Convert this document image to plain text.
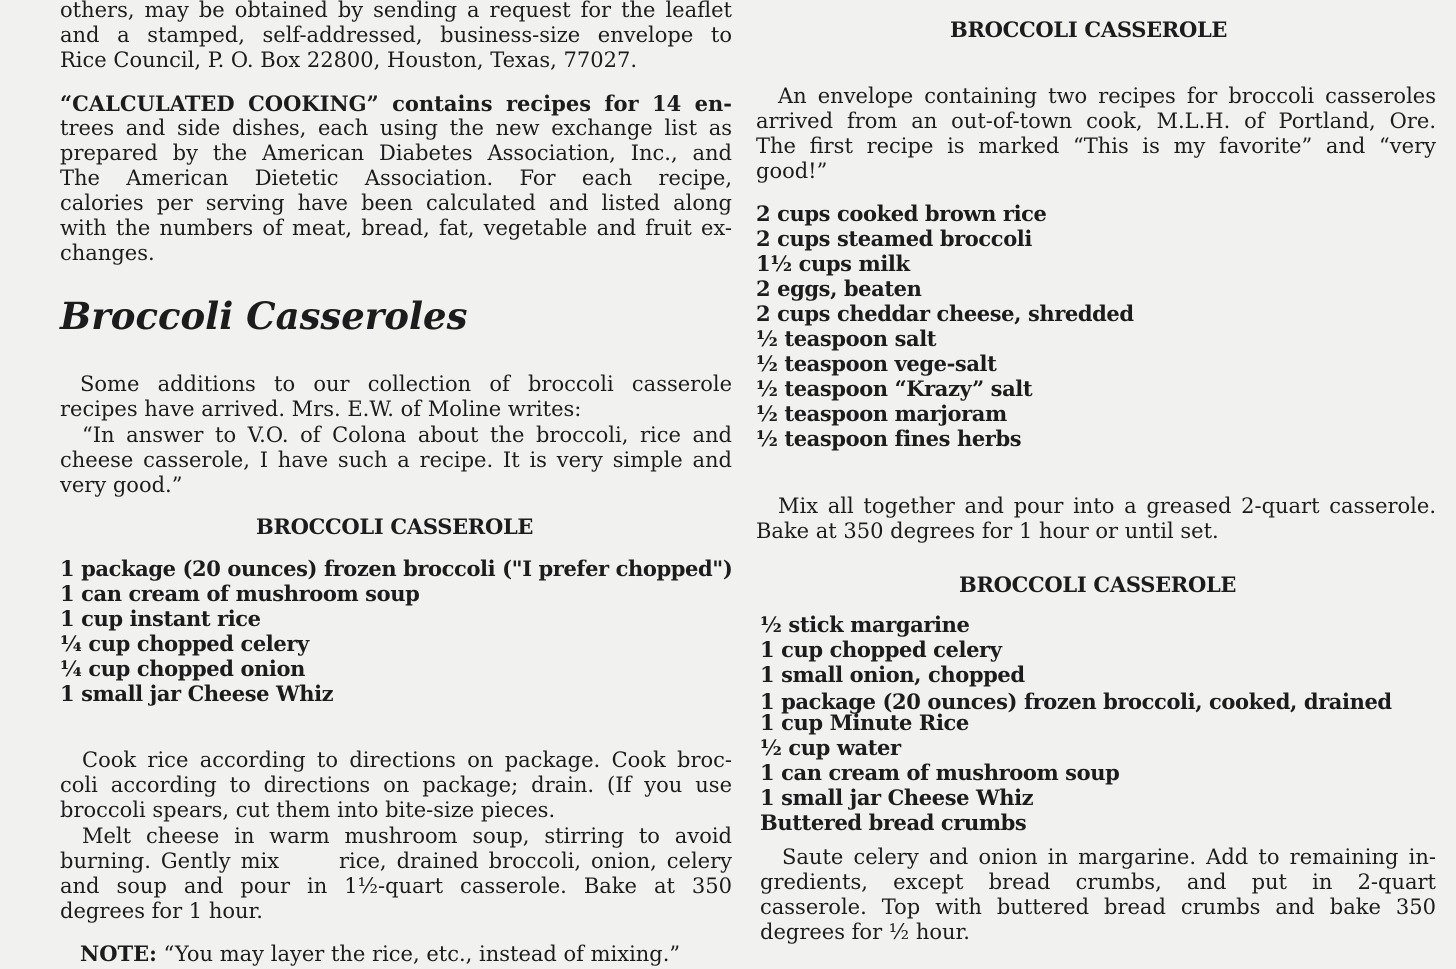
others, may be obtained by sending a request for the leaflet
and a stamped, self-addressed, business-size envelope to
Rice Council, P. O. Box 22800, Houston, Texas, 77027.
“CALCULATED COOKING” contains recipes for 14 en-
trees and side dishes, each using the new exchange list as
prepared by the American Diabetes Association, Inc., and
The American Dietetic Association. For each recipe,
calories per serving have been calculated and listed along
with the numbers of meat, bread, fat, vegetable and fruit ex-
changes.
Broccoli Casseroles
Some additions to our collection of broccoli casserole
recipes have arrived. Mrs. E.W. of Moline writes:
“In answer to V.O. of Colona about the broccoli, rice and
cheese casserole, I have such a recipe. It is very simple and
very good.”
BROCCOLI CASSEROLE
1 package (20 ounces) frozen broccoli ("I prefer chopped")
1 can cream of mushroom soup
1 cup instant rice
¼ cup chopped celery
¼ cup chopped onion
1 small jar Cheese Whiz
Cook rice according to directions on package. Cook broc-
coli according to directions on package; drain. (If you use
broccoli spears, cut them into bite-size pieces.
Melt cheese in warm mushroom soup, stirring to avoid
burning. Gently mix      rice, drained broccoli, onion, celery
and soup and pour in 1½-quart casserole. Bake at 350
degrees for 1 hour.
NOTE: “You may layer the rice, etc., instead of mixing.”
BROCCOLI CASSEROLE
An envelope containing two recipes for broccoli casseroles
arrived from an out-of-town cook, M.L.H. of Portland, Ore.
The first recipe is marked “This is my favorite” and “very
good!”
2 cups cooked brown rice
2 cups steamed broccoli
1½ cups milk
2 eggs, beaten
2 cups cheddar cheese, shredded
½ teaspoon salt
½ teaspoon vege-salt
½ teaspoon “Krazy” salt
½ teaspoon marjoram
½ teaspoon fines herbs
Mix all together and pour into a greased 2-quart casserole.
Bake at 350 degrees for 1 hour or until set.
BROCCOLI CASSEROLE
½ stick margarine
1 cup chopped celery
1 small onion, chopped
1 package (20 ounces) frozen broccoli, cooked, drained
1 cup Minute Rice
½ cup water
1 can cream of mushroom soup
1 small jar Cheese Whiz
Buttered bread crumbs
Saute celery and onion in margarine. Add to remaining in-
gredients, except bread crumbs, and put in 2-quart
casserole. Top with buttered bread crumbs and bake 350
degrees for ½ hour.
